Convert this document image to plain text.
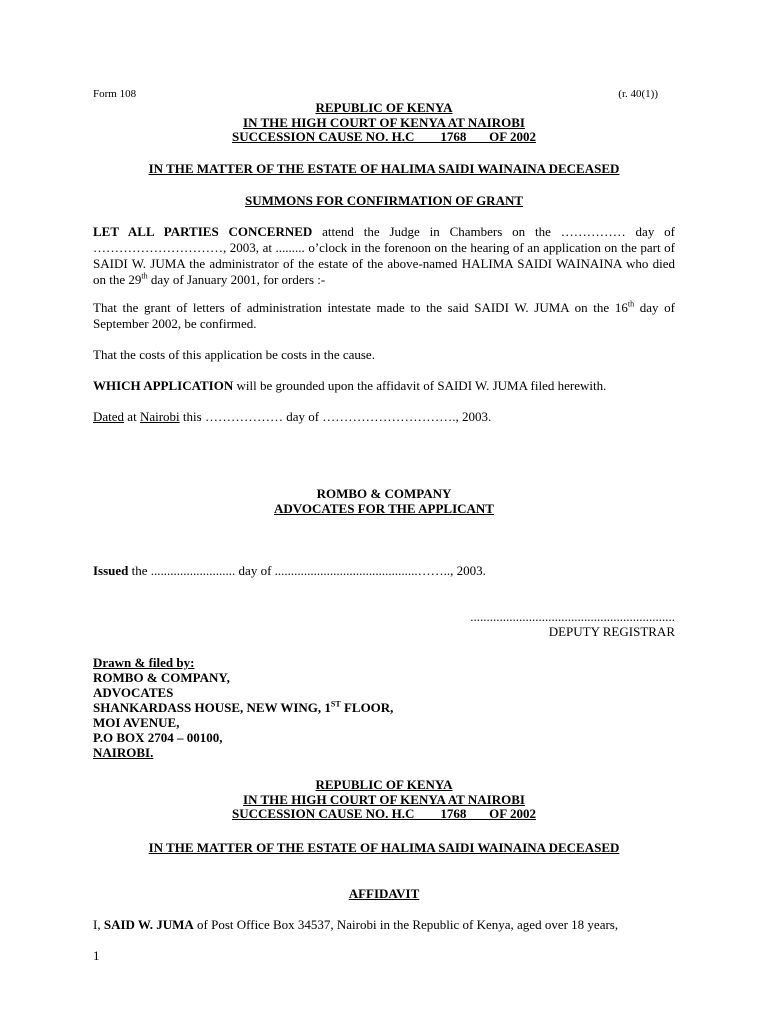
Form 108	(r. 40(1))
REPUBLIC OF KENYA
IN THE HIGH COURT OF KENYA AT NAIROBI
SUCCESSION CAUSE NO. H.C        1768       OF 2002
IN THE MATTER OF THE ESTATE OF HALIMA SAIDI WAINAINA DECEASED
SUMMONS FOR CONFIRMATION OF GRANT
LET ALL PARTIES CONCERNED attend the Judge in Chambers on the …………… day of …………………………, 2003, at ......... o’clock in the forenoon on the hearing of an application on the part of SAIDI W. JUMA the administrator of the estate of the above-named HALIMA SAIDI WAINAINA who died on the 29th day of January 2001, for orders :-
That the grant of letters of administration intestate made to the said SAIDI W. JUMA on the 16th day of September 2002, be confirmed.
That the costs of this application be costs in the cause.
WHICH APPLICATION will be grounded upon the affidavit of SAIDI W. JUMA filed herewith.
Dated at Nairobi this ……………… day of …………………………., 2003.
ROMBO & COMPANY
ADVOCATES FOR THE APPLICANT
Issued the .......................... day of ............................................…….., 2003.
...............................................................
DEPUTY REGISTRAR
Drawn & filed by:
ROMBO & COMPANY,
ADVOCATES
SHANKARDASS HOUSE, NEW WING, 1ST FLOOR,
MOI AVENUE,
P.O BOX 2704 – 00100,
NAIROBI.
REPUBLIC OF KENYA
IN THE HIGH COURT OF KENYA AT NAIROBI
SUCCESSION CAUSE NO. H.C        1768       OF 2002
IN THE MATTER OF THE ESTATE OF HALIMA SAIDI WAINAINA DECEASED
AFFIDAVIT
I, SAID W. JUMA of Post Office Box 34537, Nairobi in the Republic of Kenya, aged over 18 years,
1
